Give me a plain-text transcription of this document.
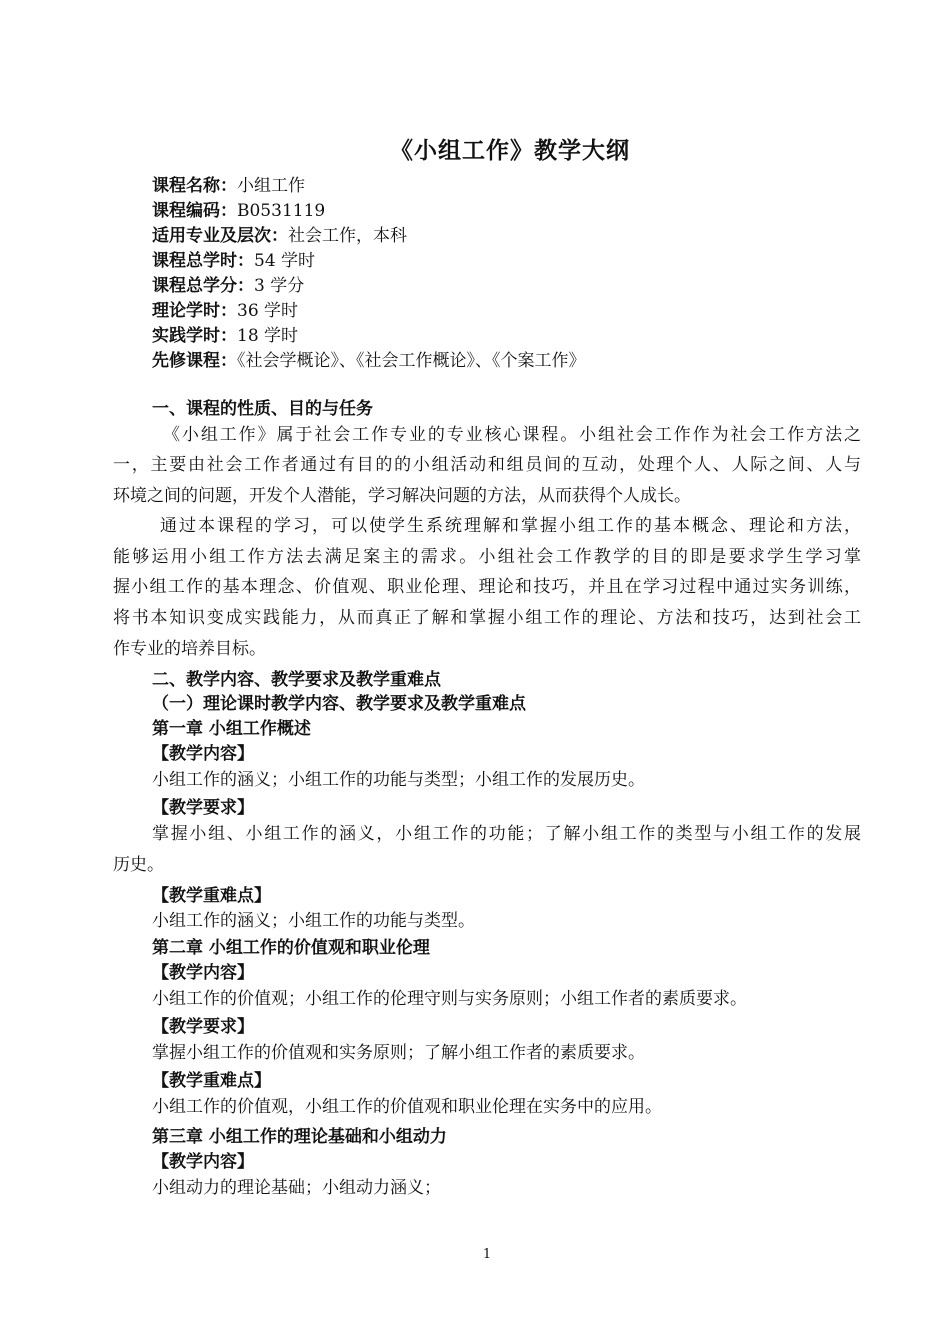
《小组工作》教学大纲
课程名称：小组工作
课程编码：B0531119
适用专业及层次：社会工作，本科
课程总学时：54 学时
课程总学分：3 学分
理论学时：36 学时
实践学时：18 学时
先修课程：《社会学概论》、《社会工作概论》、《个案工作》
一、课程的性质、目的与任务
《小组工作》属于社会工作专业的专业核心课程。小组社会工作作为社会工作方法之
一，主要由社会工作者通过有目的的小组活动和组员间的互动，处理个人、人际之间、人与
环境之间的问题，开发个人潜能，学习解决问题的方法，从而获得个人成长。
通过本课程的学习，可以使学生系统理解和掌握小组工作的基本概念、理论和方法，
能够运用小组工作方法去满足案主的需求。小组社会工作教学的目的即是要求学生学习掌
握小组工作的基本理念、价值观、职业伦理、理论和技巧，并且在学习过程中通过实务训练，
将书本知识变成实践能力，从而真正了解和掌握小组工作的理论、方法和技巧，达到社会工
作专业的培养目标。
二、教学内容、教学要求及教学重难点
（一）理论课时教学内容、教学要求及教学重难点
第一章 小组工作概述
【教学内容】
小组工作的涵义；小组工作的功能与类型；小组工作的发展历史。
【教学要求】
掌握小组、小组工作的涵义，小组工作的功能；了解小组工作的类型与小组工作的发展
历史。
【教学重难点】
小组工作的涵义；小组工作的功能与类型。
第二章 小组工作的价值观和职业伦理
【教学内容】
小组工作的价值观；小组工作的伦理守则与实务原则；小组工作者的素质要求。
【教学要求】
掌握小组工作的价值观和实务原则；了解小组工作者的素质要求。
【教学重难点】
小组工作的价值观，小组工作的价值观和职业伦理在实务中的应用。
第三章 小组工作的理论基础和小组动力
【教学内容】
小组动力的理论基础；小组动力涵义；
1
